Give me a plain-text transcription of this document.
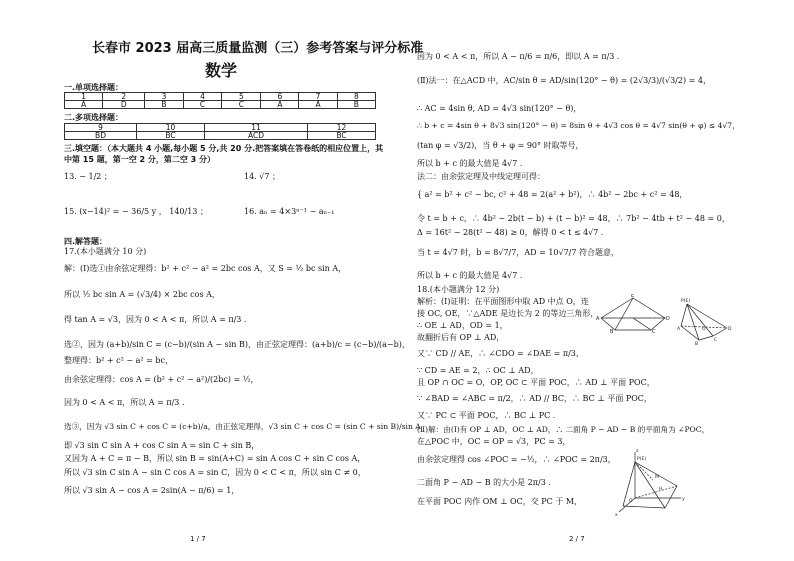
长春市 2023 届高三质量监测（三）参考答案与评分标准
数学
一.单项选择题：
1	2	3	4	5	6	7	8
A	D	B	C	C	A	A	B
二.多项选择题：
9	10	11	12
BD	BC	ACD	BC
三.填空题：（本大题共 4 小题,每小题 5 分,共 20 分.把答案填在答卷纸的相应位置上，其
中第 15 题，第一空 2 分，第二空 3 分）
13. − 1/2 ；	14. √7 ；
15. (x−14)² = − 36/5 y ， 140/13 ；	16. aₙ = 4×3ⁿ⁻¹ − aₙ₋₁
四.解答题：
17.(本小题满分 10 分)
解：(Ⅰ)选①由余弦定理得：b² + c² − a² = 2bc cos A，又 S = ½ bc sin A，
所以 ½ bc sin A = (√3/4) × 2bc cos A，
得 tan A = √3，因为 0 < A < π，所以 A = π/3 .
选②，因为 (a+b)/sin C = (c−b)/(sin A − sin B)，由正弦定理得：(a+b)/c = (c−b)/(a−b)，
整理得：b² + c² − a² = bc，
由余弦定理得：cos A = (b² + c² − a²)/(2bc) = ½，
因为 0 < A < π，所以 A = π/3 .
选③，因为 √3 sin C + cos C = (c+b)/a，由正弦定理得，√3 sin C + cos C = (sin C + sin B)/sin A
即 √3 sin C sin A + cos C sin A = sin C + sin B，
又因为 A + C = π − B，所以 sin B = sin(A+C) = sin A cos C + sin C cos A，
所以 √3 sin C sin A − sin C cos A = sin C，因为 0 < C < π，所以 sin C ≠ 0，
所以 √3 sin A − cos A = 2sin(A − π/6) = 1，
1 / 7
因为 0 < A < π，所以 A − π/6 = π/6，即以 A = π/3 .
(Ⅱ)法一：在△ACD 中，AC/sin θ = AD/sin(120° − θ) = (2√3/3)/(√3/2) = 4，
∴ AC = 4sin θ, AD = 4√3 sin(120° − θ)，
∴ b + c = 4sin θ + 8√3 sin(120° − θ) = 8sin θ + 4√3 cos θ = 4√7 sin(θ + φ) ≤ 4√7，
(tan φ = √3/2)，当 θ + φ = 90° 时取等号，
所以 b + c 的最大值是 4√7 .
法二：由余弦定理及中线定理可得：
{ a² = b² + c² − bc, c² + 48 = 2(a² + b²)，∴ 4b² − 2bc + c² = 48，
令 t = b + c，∴ 4b² − 2b(t − b) + (t − b)² = 48，∴ 7b² − 4tb + t² − 48 = 0，
Δ = 16t² − 28(t² − 48) ≥ 0，解得 0 < t ≤ 4√7 .
当 t = 4√7 时，b = 8√7/7，AD = 10√7/7 符合题意，
所以 b + c 的最大值是 4√7 .
18.(本小题满分 12 分)
解析：(Ⅰ)证明：在平面图形中取 AD 中点 O，连
接 OC, OE，∵△ADE 是边长为 2 的等边三角形，
∴ OE ⊥ AD，OD = 1，
故翻折后有 OP ⊥ AD，
又∵ CD // AE，∴ ∠CDO = ∠DAE = π/3，
∵ CD = AE = 2，∴ OC ⊥ AD，
且 OP ∩ OC = O，OP, OC ⊂ 平面 POC，∴ AD ⊥ 平面 POC，
∵ ∠BAD = ∠ABC = π/2，∴ AD // BC，∴ BC ⊥ 平面 POC，
又∵ PC ⊂ 平面 POC，∴ BC ⊥ PC .
(Ⅱ)解：由(Ⅰ)有 OP ⊥ AD，OC ⊥ AD，∴ 二面角 P − AD − B 的平面角为 ∠POC，
在△POC 中，OC = OP = √3，PC = 3，
由余弦定理得 cos ∠POC = −½，∴ ∠POC = 2π/3，
二面角 P − AD − B 的大小是 2π/3 .
在平面 POC 内作 OM ⊥ OC，交 PC 于 M，
E
A	D
B	C
P(E)
A	D
B
C
O
P(E)
z
y
O
x
M
H
2 / 7
